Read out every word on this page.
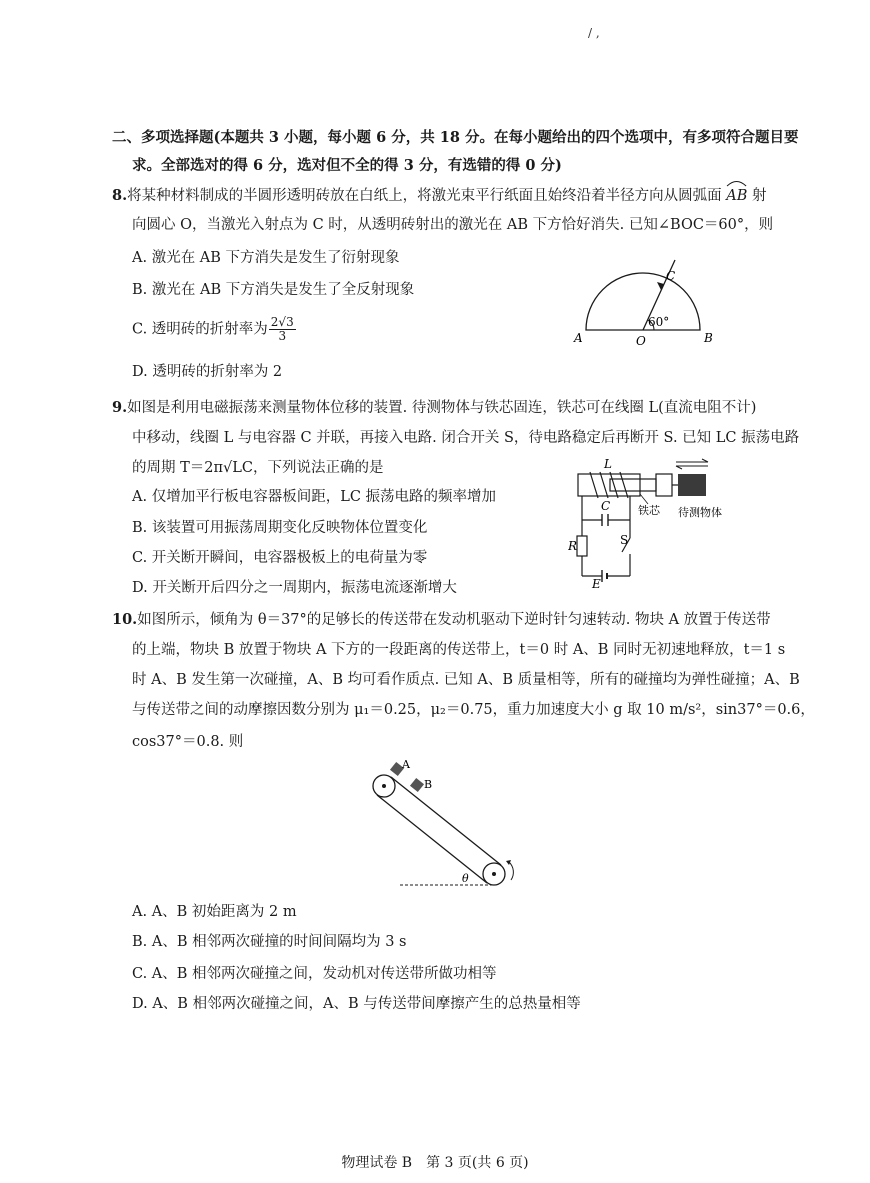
/ ,
二、多项选择题(本题共 3 小题，每小题 6 分，共 18 分。在每小题给出的四个选项中，有多项符合题目要
求。全部选对的得 6 分，选对但不全的得 3 分，有选错的得 0 分)
8.将某种材料制成的半圆形透明砖放在白纸上，将激光束平行纸面且始终沿着半径方向从圆弧面 AB 射
向圆心 O，当激光入射点为 C 时，从透明砖射出的激光在 AB 下方恰好消失. 已知∠BOC＝60°，则
A. 激光在 AB 下方消失是发生了衍射现象
B. 激光在 AB 下方消失是发生了全反射现象
C. 透明砖的折射率为 $\frac{2√3}{3}$
D. 透明砖的折射率为 2
C
60°
A	O	B
9.如图是利用电磁振荡来测量物体位移的装置. 待测物体与铁芯固连，铁芯可在线圈 L(直流电阻不计)
中移动，线圈 L 与电容器 C 并联，再接入电路. 闭合开关 S，待电路稳定后再断开 S. 已知 LC 振荡电路
的周期 T＝2π√LC，下列说法正确的是
A. 仅增加平行板电容器板间距，LC 振荡电路的频率增加
B. 该装置可用振荡周期变化反映物体位置变化
C. 开关断开瞬间，电容器极板上的电荷量为零
D. 开关断开后四分之一周期内，振荡电流逐渐增大
L
铁芯 待测物体
C
R	S
E
10.如图所示，倾角为 θ＝37°的足够长的传送带在发动机驱动下逆时针匀速转动. 物块 A 放置于传送带
的上端，物块 B 放置于物块 A 下方的一段距离的传送带上，t＝0 时 A、B 同时无初速地释放，t＝1 s
时 A、B 发生第一次碰撞，A、B 均可看作质点. 已知 A、B 质量相等，所有的碰撞均为弹性碰撞；A、B
与传送带之间的动摩擦因数分别为 μ₁＝0.25，μ₂＝0.75，重力加速度大小 g 取 10 m/s²，sin37°＝0.6，
cos37°＝0.8. 则
A
B
θ
A. A、B 初始距离为 2 m
B. A、B 相邻两次碰撞的时间间隔均为 3 s
C. A、B 相邻两次碰撞之间，发动机对传送带所做功相等
D. A、B 相邻两次碰撞之间，A、B 与传送带间摩擦产生的总热量相等
物理试卷 B　第 3 页(共 6 页)
